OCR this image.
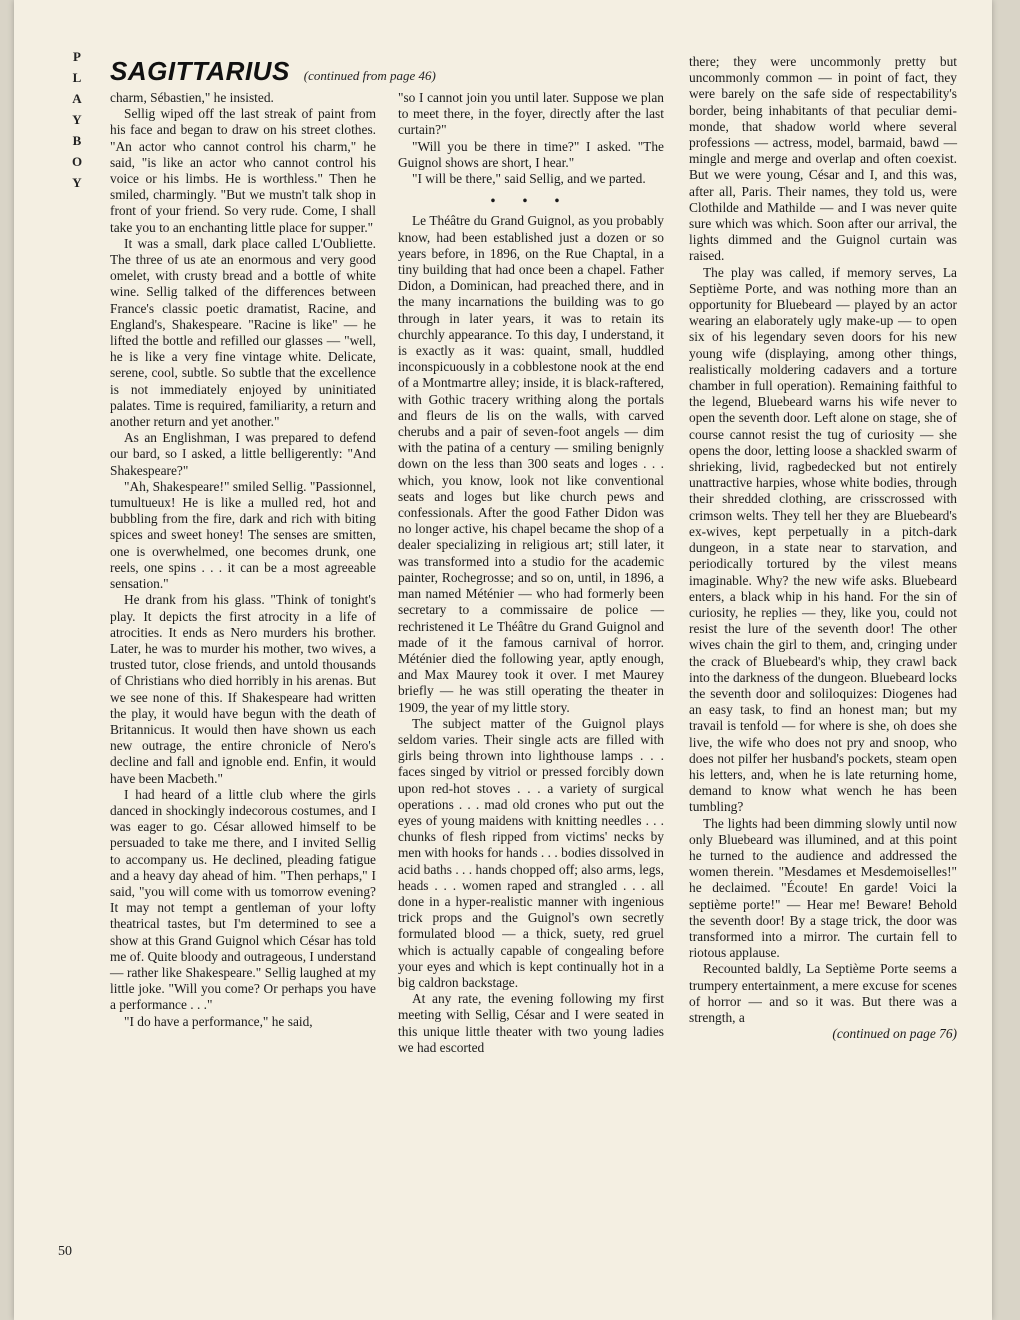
P
L
A
Y
B
O
Y
SAGITTARIUS (continued from page 46)

charm, Sébastien," he insisted.

Sellig wiped off the last streak of paint from his face and began to draw on his street clothes. "An actor who cannot control his charm," he said, "is like an actor who cannot control his voice or his limbs. He is worthless." Then he smiled, charmingly. "But we mustn't talk shop in front of your friend. So very rude. Come, I shall take you to an enchanting little place for supper."

It was a small, dark place called L'Oubliette. The three of us ate an enormous and very good omelet, with crusty bread and a bottle of white wine. Sellig talked of the differences between France's classic poetic dramatist, Racine, and England's, Shakespeare. "Racine is like" — he lifted the bottle and refilled our glasses — "well, he is like a very fine vintage white. Delicate, serene, cool, subtle. So subtle that the excellence is not immediately enjoyed by uninitiated palates. Time is required, familiarity, a return and another return and yet another."

As an Englishman, I was prepared to defend our bard, so I asked, a little belligerently: "And Shakespeare?"

"Ah, Shakespeare!" smiled Sellig. "Passionnel, tumultueux! He is like a mulled red, hot and bubbling from the fire, dark and rich with biting spices and sweet honey! The senses are smitten, one is overwhelmed, one becomes drunk, one reels, one spins . . . it can be a most agreeable sensation."

He drank from his glass. "Think of tonight's play. It depicts the first atrocity in a life of atrocities. It ends as Nero murders his brother. Later, he was to murder his mother, two wives, a trusted tutor, close friends, and untold thousands of Christians who died horribly in his arenas. But we see none of this. If Shakespeare had written the play, it would have begun with the death of Britannicus. It would then have shown us each new outrage, the entire chronicle of Nero's decline and fall and ignoble end. Enfin, it would have been Macbeth."

I had heard of a little club where the girls danced in shockingly indecorous costumes, and I was eager to go. César allowed himself to be persuaded to take me there, and I invited Sellig to accompany us. He declined, pleading fatigue and a heavy day ahead of him. "Then perhaps," I said, "you will come with us tomorrow evening? It may not tempt a gentleman of your lofty theatrical tastes, but I'm determined to see a show at this Grand Guignol which César has told me of. Quite bloody and outrageous, I understand — rather like Shakespeare." Sellig laughed at my little joke. "Will you come? Or perhaps you have a performance . . ."

"I do have a performance," he said,

"so I cannot join you until later. Suppose we plan to meet there, in the foyer, directly after the last curtain?"

"Will you be there in time?" I asked. "The Guignol shows are short, I hear."

"I will be there," said Sellig, and we parted.

• • •

Le Théâtre du Grand Guignol, as you probably know, had been established just a dozen or so years before, in 1896, on the Rue Chaptal, in a tiny building that had once been a chapel. Father Didon, a Dominican, had preached there, and in the many incarnations the building was to go through in later years, it was to retain its churchly appearance. To this day, I understand, it is exactly as it was: quaint, small, huddled inconspicuously in a cobblestone nook at the end of a Montmartre alley; inside, it is black-raftered, with Gothic tracery writhing along the portals and fleurs de lis on the walls, with carved cherubs and a pair of seven-foot angels — dim with the patina of a century — smiling benignly down on the less than 300 seats and loges . . . which, you know, look not like conventional seats and loges but like church pews and confessionals. After the good Father Didon was no longer active, his chapel became the shop of a dealer specializing in religious art; still later, it was transformed into a studio for the academic painter, Rochegrosse; and so on, until, in 1896, a man named Méténier — who had formerly been secretary to a commissaire de police — rechristened it Le Théâtre du Grand Guignol and made of it the famous carnival of horror. Méténier died the following year, aptly enough, and Max Maurey took it over. I met Maurey briefly — he was still operating the theater in 1909, the year of my little story.

The subject matter of the Guignol plays seldom varies. Their single acts are filled with girls being thrown into lighthouse lamps . . . faces singed by vitriol or pressed forcibly down upon red-hot stoves . . . a variety of surgical operations . . . mad old crones who put out the eyes of young maidens with knitting needles . . . chunks of flesh ripped from victims' necks by men with hooks for hands . . . bodies dissolved in acid baths . . . hands chopped off; also arms, legs, heads . . . women raped and strangled . . . all done in a hyper-realistic manner with ingenious trick props and the Guignol's own secretly formulated blood — a thick, suety, red gruel which is actually capable of congealing before your eyes and which is kept continually hot in a big caldron backstage.

At any rate, the evening following my first meeting with Sellig, César and I were seated in this unique little theater with two young ladies we had escorted

there; they were uncommonly pretty but uncommonly common — in point of fact, they were barely on the safe side of respectability's border, being inhabitants of that peculiar demi-monde, that shadow world where several professions — actress, model, barmaid, bawd — mingle and merge and overlap and often coexist. But we were young, César and I, and this was, after all, Paris. Their names, they told us, were Clothilde and Mathilde — and I was never quite sure which was which. Soon after our arrival, the lights dimmed and the Guignol curtain was raised.

The play was called, if memory serves, La Septième Porte, and was nothing more than an opportunity for Bluebeard — played by an actor wearing an elaborately ugly make-up — to open six of his legendary seven doors for his new young wife (displaying, among other things, realistically moldering cadavers and a torture chamber in full operation). Remaining faithful to the legend, Bluebeard warns his wife never to open the seventh door. Left alone on stage, she of course cannot resist the tug of curiosity — she opens the door, letting loose a shackled swarm of shrieking, livid, ragbedecked but not entirely unattractive harpies, whose white bodies, through their shredded clothing, are crisscrossed with crimson welts. They tell her they are Bluebeard's ex-wives, kept perpetually in a pitch-dark dungeon, in a state near to starvation, and periodically tortured by the vilest means imaginable. Why? the new wife asks. Bluebeard enters, a black whip in his hand. For the sin of curiosity, he replies — they, like you, could not resist the lure of the seventh door! The other wives chain the girl to them, and, cringing under the crack of Bluebeard's whip, they crawl back into the darkness of the dungeon. Bluebeard locks the seventh door and soliloquizes: Diogenes had an easy task, to find an honest man; but my travail is tenfold — for where is she, oh does she live, the wife who does not pry and snoop, who does not pilfer her husband's pockets, steam open his letters, and, when he is late returning home, demand to know what wench he has been tumbling?

The lights had been dimming slowly until now only Bluebeard was illumined, and at this point he turned to the audience and addressed the women therein. "Mesdames et Mesdemoiselles!" he declaimed. "Écoute! En garde! Voici la septième porte!" — Hear me! Beware! Behold the seventh door! By a stage trick, the door was transformed into a mirror. The curtain fell to riotous applause.

Recounted baldly, La Septième Porte seems a trumpery entertainment, a mere excuse for scenes of horror — and so it was. But there was a strength, a

(continued on page 76)

50
